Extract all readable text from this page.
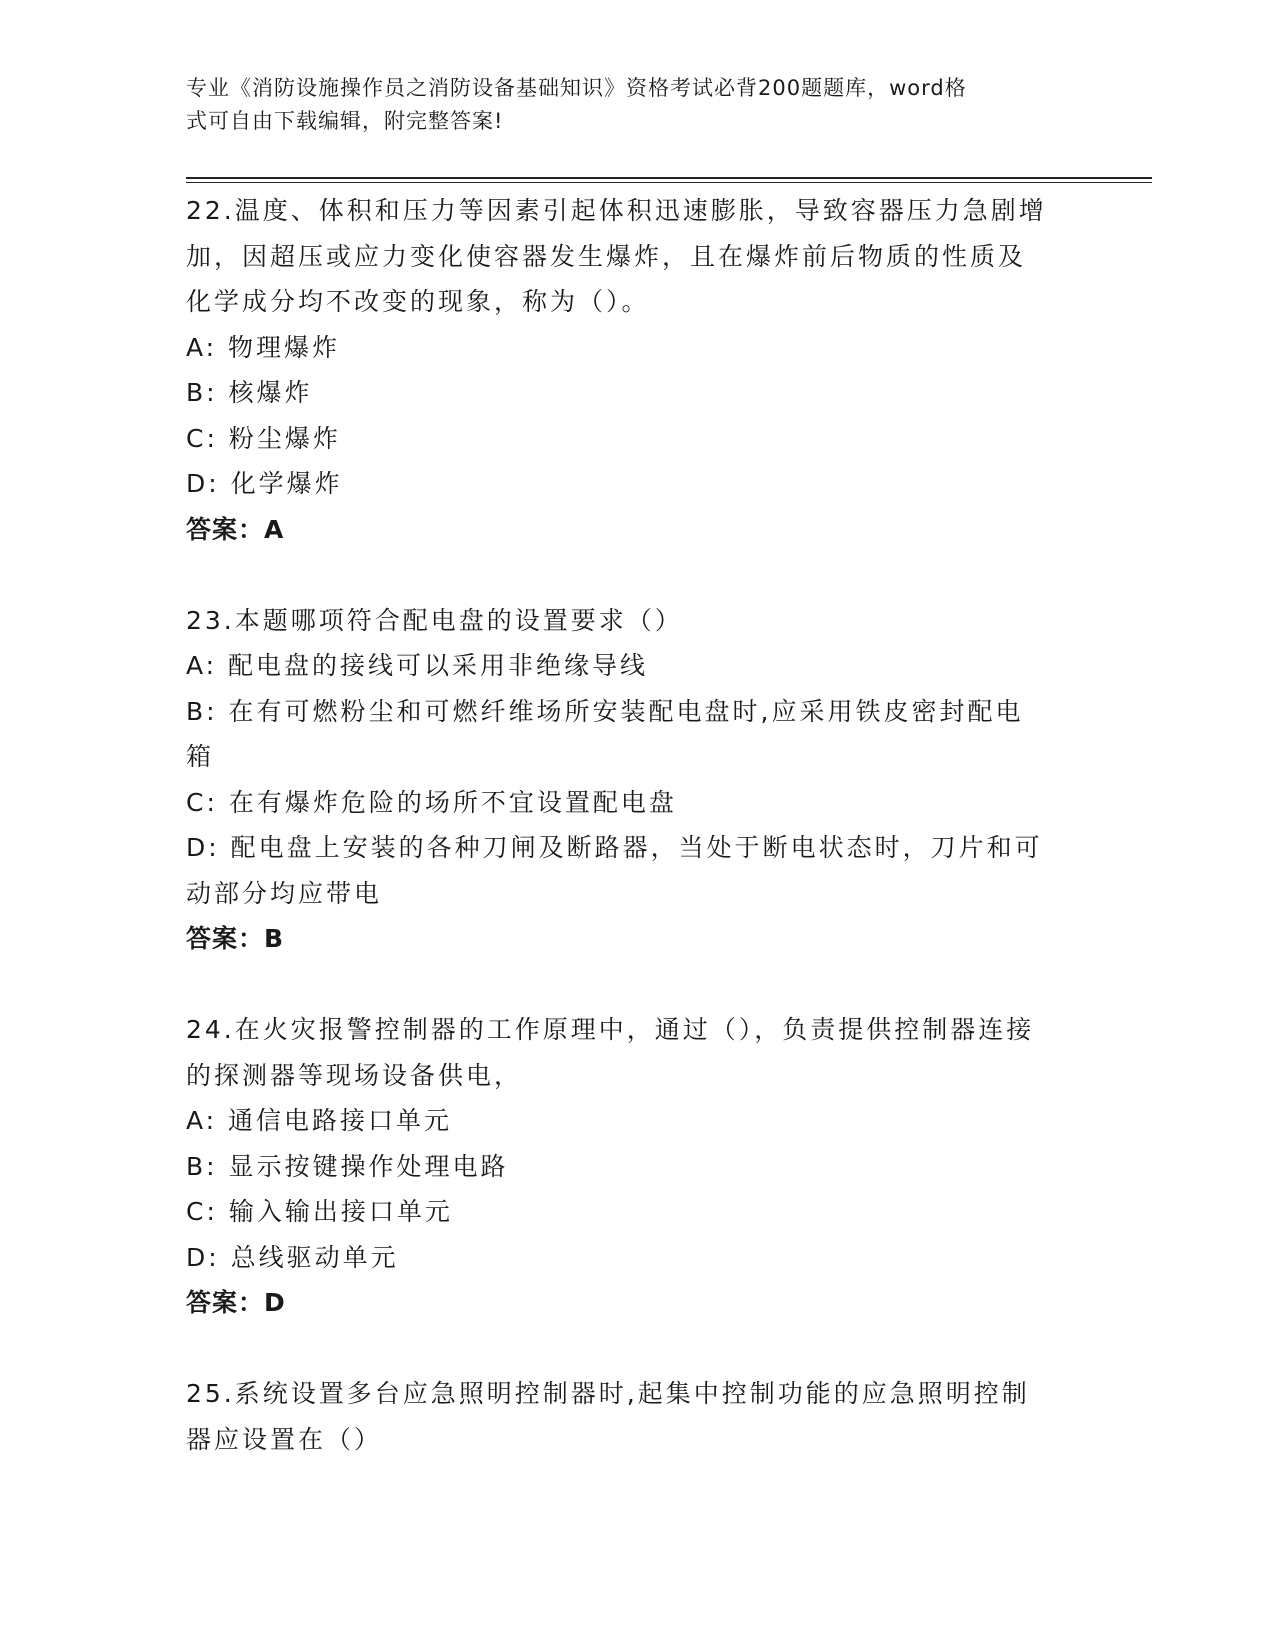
专业《消防设施操作员之消防设备基础知识》资格考试必背200题题库，word格
式可自由下载编辑，附完整答案!

22.温度、体积和压力等因素引起体积迅速膨胀，导致容器压力急剧增

加，因超压或应力变化使容器发生爆炸，且在爆炸前后物质的性质及

化学成分均不改变的现象，称为（）。

A: 物理爆炸

B: 核爆炸

C: 粉尘爆炸

D: 化学爆炸

答案：A

23.本题哪项符合配电盘的设置要求（）

A: 配电盘的接线可以采用非绝缘导线

B: 在有可燃粉尘和可燃纤维场所安装配电盘时,应采用铁皮密封配电

箱

C: 在有爆炸危险的场所不宜设置配电盘

D: 配电盘上安装的各种刀闸及断路器，当处于断电状态时，刀片和可

动部分均应带电

答案：B

24.在火灾报警控制器的工作原理中，通过（），负责提供控制器连接

的探测器等现场设备供电，

A: 通信电路接口单元

B: 显示按键操作处理电路

C: 输入输出接口单元

D: 总线驱动单元

答案：D

25.系统设置多台应急照明控制器时,起集中控制功能的应急照明控制

器应设置在（）
